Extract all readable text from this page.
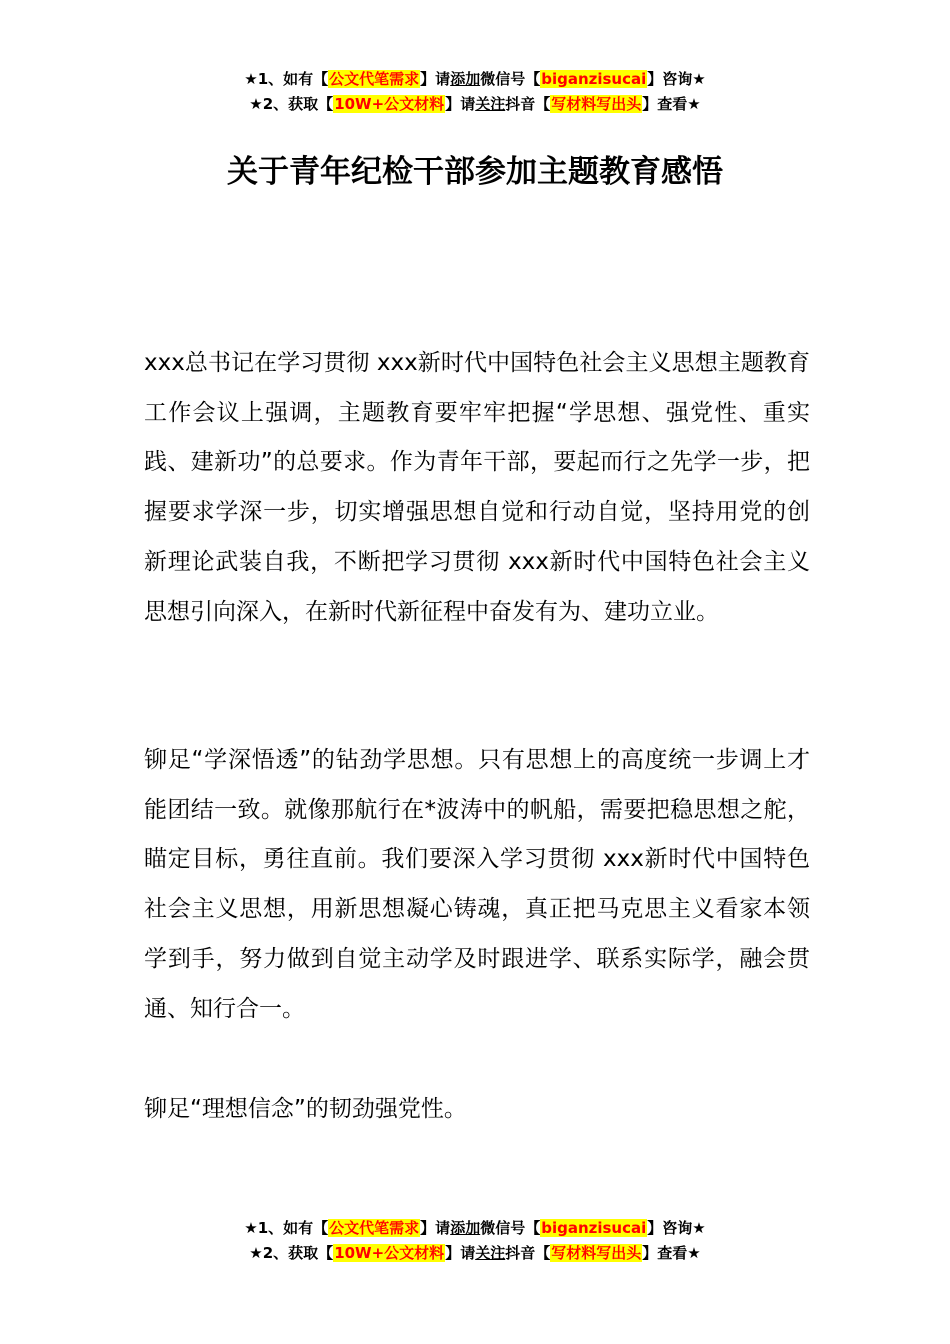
★1、如有【公文代笔需求】请添加微信号【biganzisucai】咨询★
★2、获取【10W+公文材料】请关注抖音【写材料写出头】查看★
关于青年纪检干部参加主题教育感悟

xxx总书记在学习贯彻 xxx新时代中国特色社会主义思想主题教育工作会议上强调，主题教育要牢牢把握“学思想、强党性、重实践、建新功”的总要求。作为青年干部，要起而行之先学一步，把握要求学深一步，切实增强思想自觉和行动自觉，坚持用党的创新理论武装自我，不断把学习贯彻 xxx新时代中国特色社会主义思想引向深入，在新时代新征程中奋发有为、建功立业。

铆足“学深悟透”的钻劲学思想。只有思想上的高度统一步调上才能团结一致。就像那航行在*波涛中的帆船，需要把稳思想之舵，瞄定目标，勇往直前。我们要深入学习贯彻 xxx新时代中国特色社会主义思想，用新思想凝心铸魂，真正把马克思主义看家本领学到手，努力做到自觉主动学及时跟进学、联系实际学，融会贯通、知行合一。

铆足“理想信念”的韧劲强党性。

★1、如有【公文代笔需求】请添加微信号【biganzisucai】咨询★
★2、获取【10W+公文材料】请关注抖音【写材料写出头】查看★
